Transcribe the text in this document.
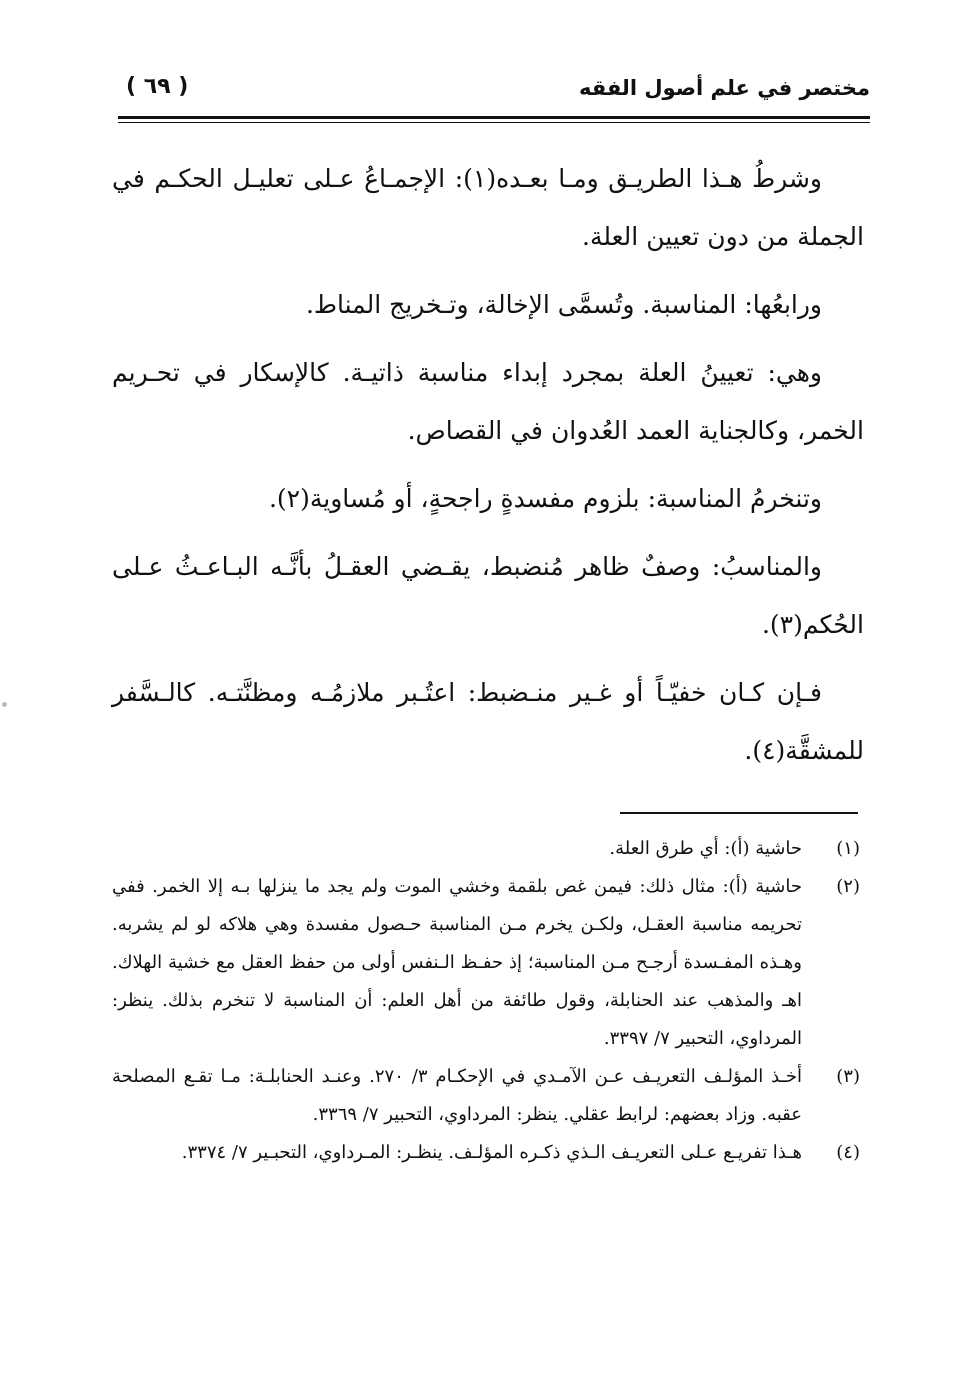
مختصر في علم أصول الفقه
( ٦٩ )

وشرطُ هـذا الطريـق ومـا بعـده(١): الإجمـاعُ عـلى تعليـل الحكـم في الجملة من دون تعيين العلة.

ورابعُها: المناسبة. وتُسمَّى الإخالة، وتـخريج المناط.

وهي: تعيينُ العلة بمجرد إبداء مناسبة ذاتيـة. كالإسكار في تحـريم الخمر، وكالجناية العمد العُدوان في القصاص.

وتنخرمُ المناسبة: بلزوم مفسدةٍ راجحةٍ، أو مُساوية(٢).

والمناسبُ: وصفٌ ظاهر مُنضبط، يقـضي العقـلُ بأنَّـه البـاعـثُ عـلى الحُكم(٣).

فـإن كـان خفيّـاً أو غـير منـضبط: اعتُـبر ملازمُـه ومظنَّتـه. كالـسَّفر للمشقَّة(٤).

(١)
حاشية (أ): أي طرق العلة.
(٢)
حاشية (أ): مثال ذلك: فيمن غص بلقمة وخشي الموت ولم يجد ما ينزلها بـه إلا الخمر. ففي تحريمه مناسبة العقـل، ولكـن يخرم مـن المناسبة حـصول مفسدة وهي هلاكه لو لم يشربه. وهـذه المفـسدة أرجـح مـن المناسبة؛ إذ حفـظ الـنفس أولى من حفظ العقل مع خشية الهلاك. اهـ والمذهب عند الحنابلة، وقول طائفة من أهل العلم: أن المناسبة لا تنخرم بذلك. ينظر: المرداوي، التحبير ٧/ ٣٣٩٧.
(٣)
أخـذ المؤلـف التعريـف عـن الآمـدي في الإحكـام ٣/ ٢٧٠. وعنـد الحنابلـة: مـا تقـع المصلحة عقبه. وزاد بعضهم: لرابط عقلي. ينظر: المرداوي، التحبير ٧/ ٣٣٦٩.
(٤)
هـذا تفريـع عـلى التعريـف الـذي ذكـره المؤلـف. ينظـر: المـرداوي، التحبـير ٧/ ٣٣٧٤.
